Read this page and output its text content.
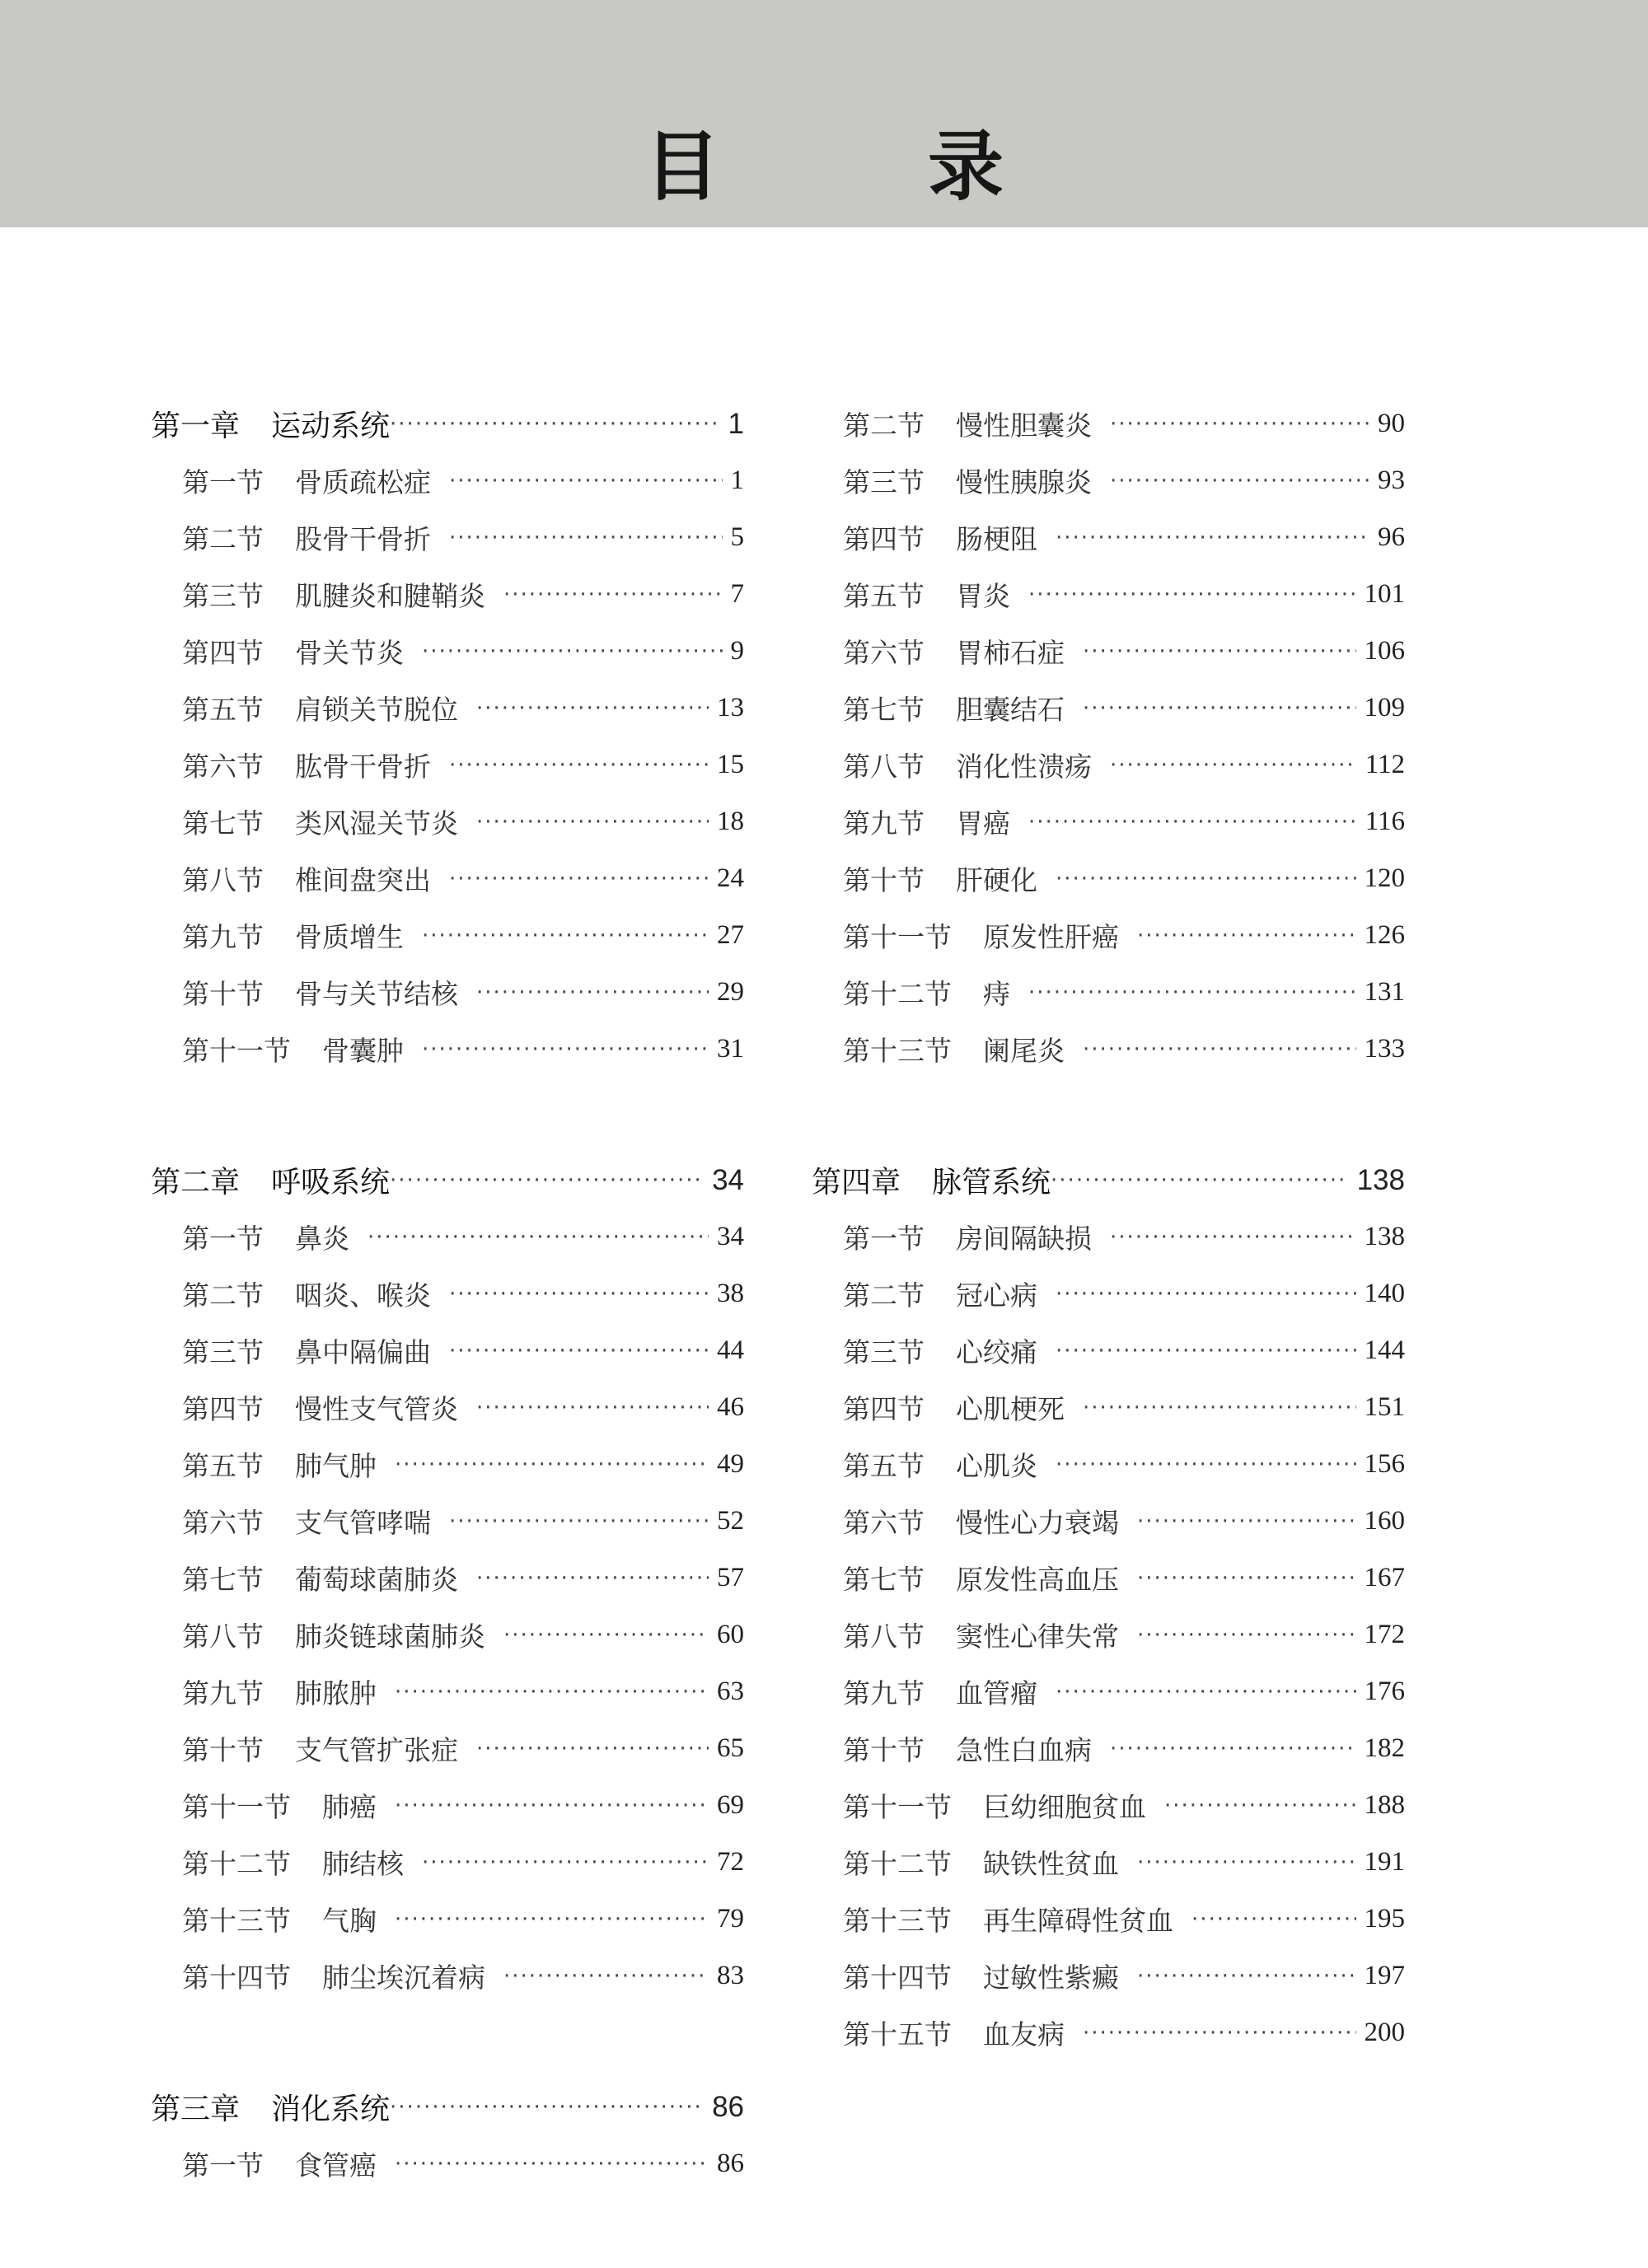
目　录
第一章 运动系统 ·····	1
第一节 骨质疏松症 ·····	1
第二节 股骨干骨折 ·····	5
第三节 肌腱炎和腱鞘炎 ·····	7
第四节 骨关节炎 ·····	9
第五节 肩锁关节脱位 ·····	13
第六节 肱骨干骨折 ·····	15
第七节 类风湿关节炎 ·····	18
第八节 椎间盘突出 ·····	24
第九节 骨质增生 ·····	27
第十节 骨与关节结核 ·····	29
第十一节 骨囊肿 ·····	31
第二章 呼吸系统 ·····	34
第一节 鼻炎 ·····	34
第二节 咽炎、喉炎 ·····	38
第三节 鼻中隔偏曲 ·····	44
第四节 慢性支气管炎 ·····	46
第五节 肺气肿 ·····	49
第六节 支气管哮喘 ·····	52
第七节 葡萄球菌肺炎 ·····	57
第八节 肺炎链球菌肺炎 ·····	60
第九节 肺脓肿 ·····	63
第十节 支气管扩张症 ·····	65
第十一节 肺癌 ·····	69
第十二节 肺结核 ·····	72
第十三节 气胸 ·····	79
第十四节 肺尘埃沉着病 ·····	83
第三章 消化系统 ·····	86
第一节 食管癌 ·····	86
第二节 慢性胆囊炎 ·····	90
第三节 慢性胰腺炎 ·····	93
第四节 肠梗阻 ·····	96
第五节 胃炎 ·····	101
第六节 胃柿石症 ·····	106
第七节 胆囊结石 ·····	109
第八节 消化性溃疡 ·····	112
第九节 胃癌 ·····	116
第十节 肝硬化 ·····	120
第十一节 原发性肝癌 ·····	126
第十二节 痔 ·····	131
第十三节 阑尾炎 ·····	133
第四章 脉管系统 ·····	138
第一节 房间隔缺损 ·····	138
第二节 冠心病 ·····	140
第三节 心绞痛 ·····	144
第四节 心肌梗死 ·····	151
第五节 心肌炎 ·····	156
第六节 慢性心力衰竭 ·····	160
第七节 原发性高血压 ·····	167
第八节 窦性心律失常 ·····	172
第九节 血管瘤 ·····	176
第十节 急性白血病 ·····	182
第十一节 巨幼细胞贫血 ·····	188
第十二节 缺铁性贫血 ·····	191
第十三节 再生障碍性贫血 ·····	195
第十四节 过敏性紫癜 ·····	197
第十五节 血友病 ·····	200
